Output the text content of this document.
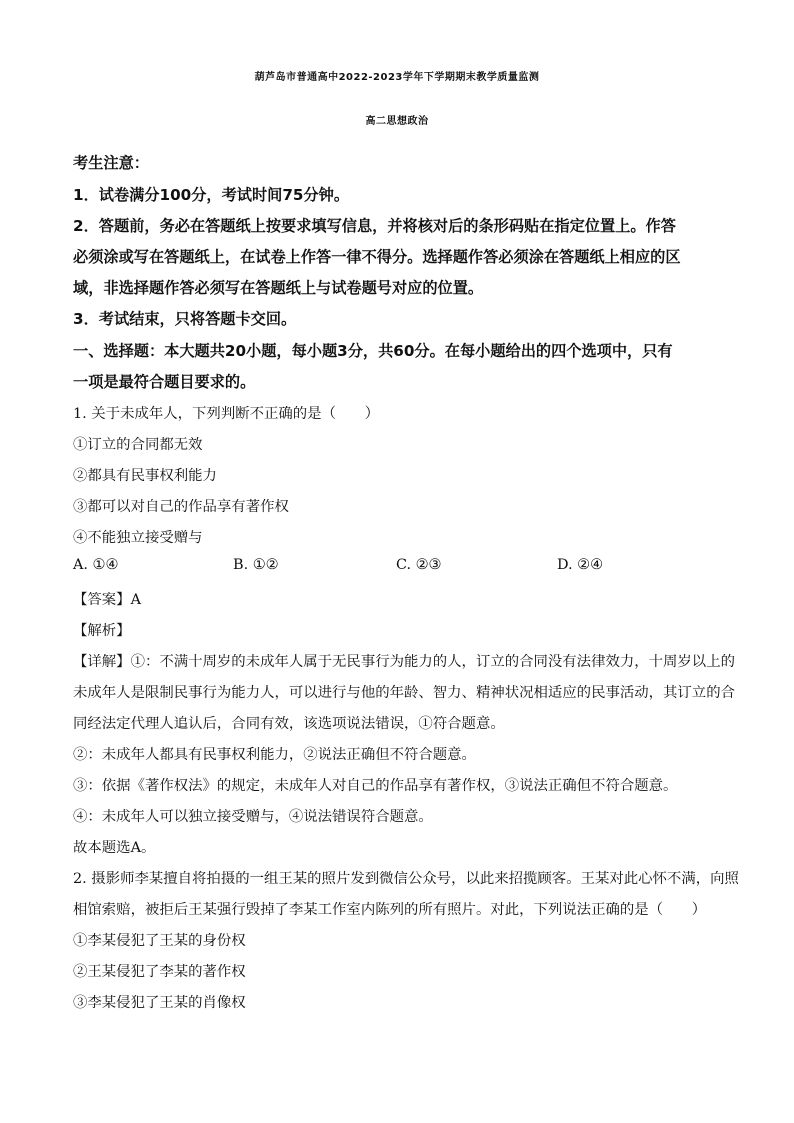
葫芦岛市普通高中2022-2023学年下学期期末教学质量监测
高二思想政治
考生注意：
1．试卷满分100分，考试时间75分钟。
2．答题前，务必在答题纸上按要求填写信息，并将核对后的条形码贴在指定位置上。作答
必须涂或写在答题纸上，在试卷上作答一律不得分。选择题作答必须涂在答题纸上相应的区
域，非选择题作答必须写在答题纸上与试卷题号对应的位置。
3．考试结束，只将答题卡交回。
一、选择题：本大题共20小题，每小题3分，共60分。在每小题给出的四个选项中，只有
一项是最符合题目要求的。
1. 关于未成年人，下列判断不正确的是（　　）
①订立的合同都无效
②都具有民事权利能力
③都可以对自己的作品享有著作权
④不能独立接受赠与
A. ①④	B. ①②	C. ②③	D. ②④
【答案】A
【解析】
【详解】①：不满十周岁的未成年人属于无民事行为能力的人，订立的合同没有法律效力，十周岁以上的
未成年人是限制民事行为能力人，可以进行与他的年龄、智力、精神状况相适应的民事活动，其订立的合
同经法定代理人追认后，合同有效，该选项说法错误，①符合题意。
②：未成年人都具有民事权利能力，②说法正确但不符合题意。
③：依据《著作权法》的规定，未成年人对自己的作品享有著作权，③说法正确但不符合题意。
④：未成年人可以独立接受赠与，④说法错误符合题意。
故本题选A。
2. 摄影师李某擅自将拍摄的一组王某的照片发到微信公众号，以此来招揽顾客。王某对此心怀不满，向照
相馆索赔，被拒后王某强行毁掉了李某工作室内陈列的所有照片。对此，下列说法正确的是（　　）
①李某侵犯了王某的身份权
②王某侵犯了李某的著作权
③李某侵犯了王某的肖像权
